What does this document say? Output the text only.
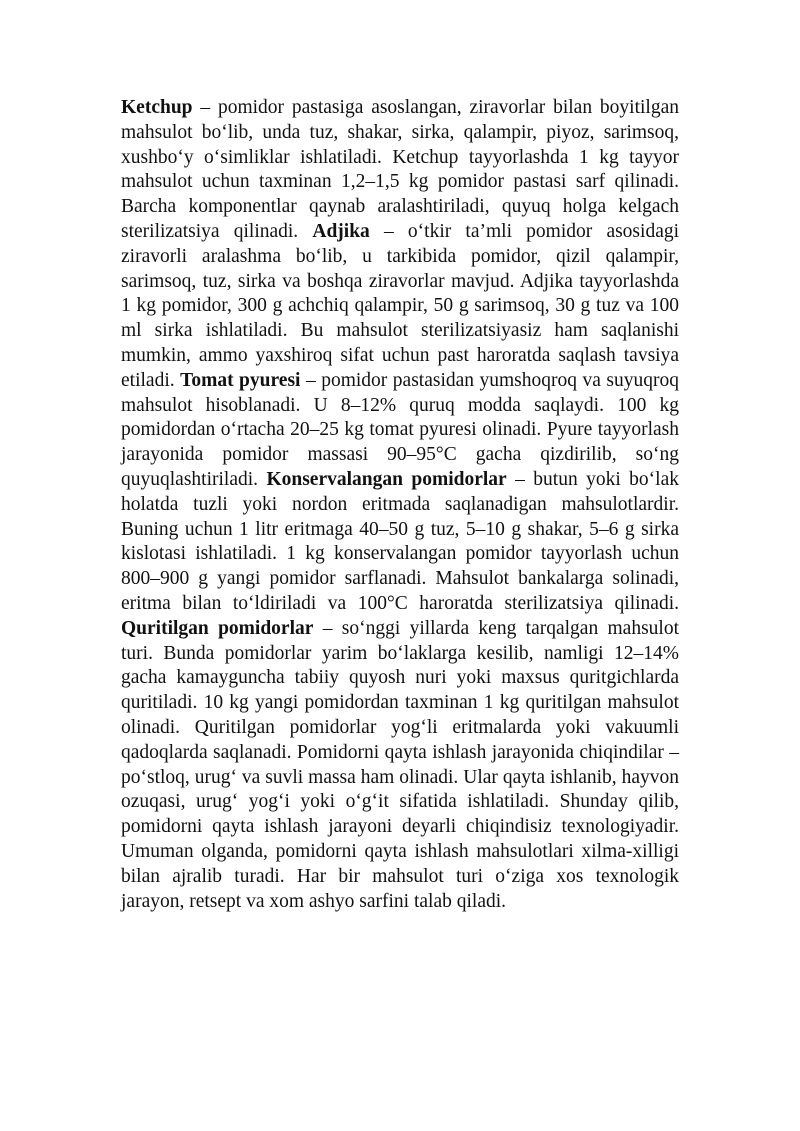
Ketchup – pomidor pastasiga asoslangan, ziravorlar bilan boyitilgan mahsulot bo‘lib, unda tuz, shakar, sirka, qalampir, piyoz, sarimsoq, xushbo‘y o‘simliklar ishlatiladi. Ketchup tayyorlashda 1 kg tayyor mahsulot uchun taxminan 1,2–1,5 kg pomidor pastasi sarf qilinadi. Barcha komponentlar qaynab aralashtiriladi, quyuq holga kelgach sterilizatsiya qilinadi. Adjika – o‘tkir ta’mli pomidor asosidagi ziravorli aralashma bo‘lib, u tarkibida pomidor, qizil qalampir, sarimsoq, tuz, sirka va boshqa ziravorlar mavjud. Adjika tayyorlashda 1 kg pomidor, 300 g achchiq qalampir, 50 g sarimsoq, 30 g tuz va 100 ml sirka ishlatiladi. Bu mahsulot sterilizatsiyasiz ham saqlanishi mumkin, ammo yaxshiroq sifat uchun past haroratda saqlash tavsiya etiladi. Tomat pyuresi – pomidor pastasidan yumshoqroq va suyuqroq mahsulot hisoblanadi. U 8–12% quruq modda saqlaydi. 100 kg pomidordan o‘rtacha 20–25 kg tomat pyuresi olinadi. Pyure tayyorlash jarayonida pomidor massasi 90–95°C gacha qizdirilib, so‘ng quyuqlashtiriladi. Konservalangan pomidorlar – butun yoki bo‘lak holatda tuzli yoki nordon eritmada saqlanadigan mahsulotlardir. Buning uchun 1 litr eritmaga 40–50 g tuz, 5–10 g shakar, 5–6 g sirka kislotasi ishlatiladi. 1 kg konservalangan pomidor tayyorlash uchun 800–900 g yangi pomidor sarflanadi. Mahsulot bankalarga solinadi, eritma bilan to‘ldiriladi va 100°C haroratda sterilizatsiya qilinadi. Quritilgan pomidorlar – so‘nggi yillarda keng tarqalgan mahsulot turi. Bunda pomidorlar yarim bo‘laklarga kesilib, namligi 12–14% gacha kamayguncha tabiiy quyosh nuri yoki maxsus quritgichlarda quritiladi. 10 kg yangi pomidordan taxminan 1 kg quritilgan mahsulot olinadi. Quritilgan pomidorlar yog‘li eritmalarda yoki vakuumli qadoqlarda saqlanadi. Pomidorni qayta ishlash jarayonida chiqindilar – po‘stloq, urug‘ va suvli massa ham olinadi. Ular qayta ishlanib, hayvon ozuqasi, urug‘ yog‘i yoki o‘g‘it sifatida ishlatiladi. Shunday qilib, pomidorni qayta ishlash jarayoni deyarli chiqindisiz texnologiyadir. Umuman olganda, pomidorni qayta ishlash mahsulotlari xilma-xilligi bilan ajralib turadi. Har bir mahsulot turi o‘ziga xos texnologik jarayon, retsept va xom ashyo sarfini talab qiladi.
